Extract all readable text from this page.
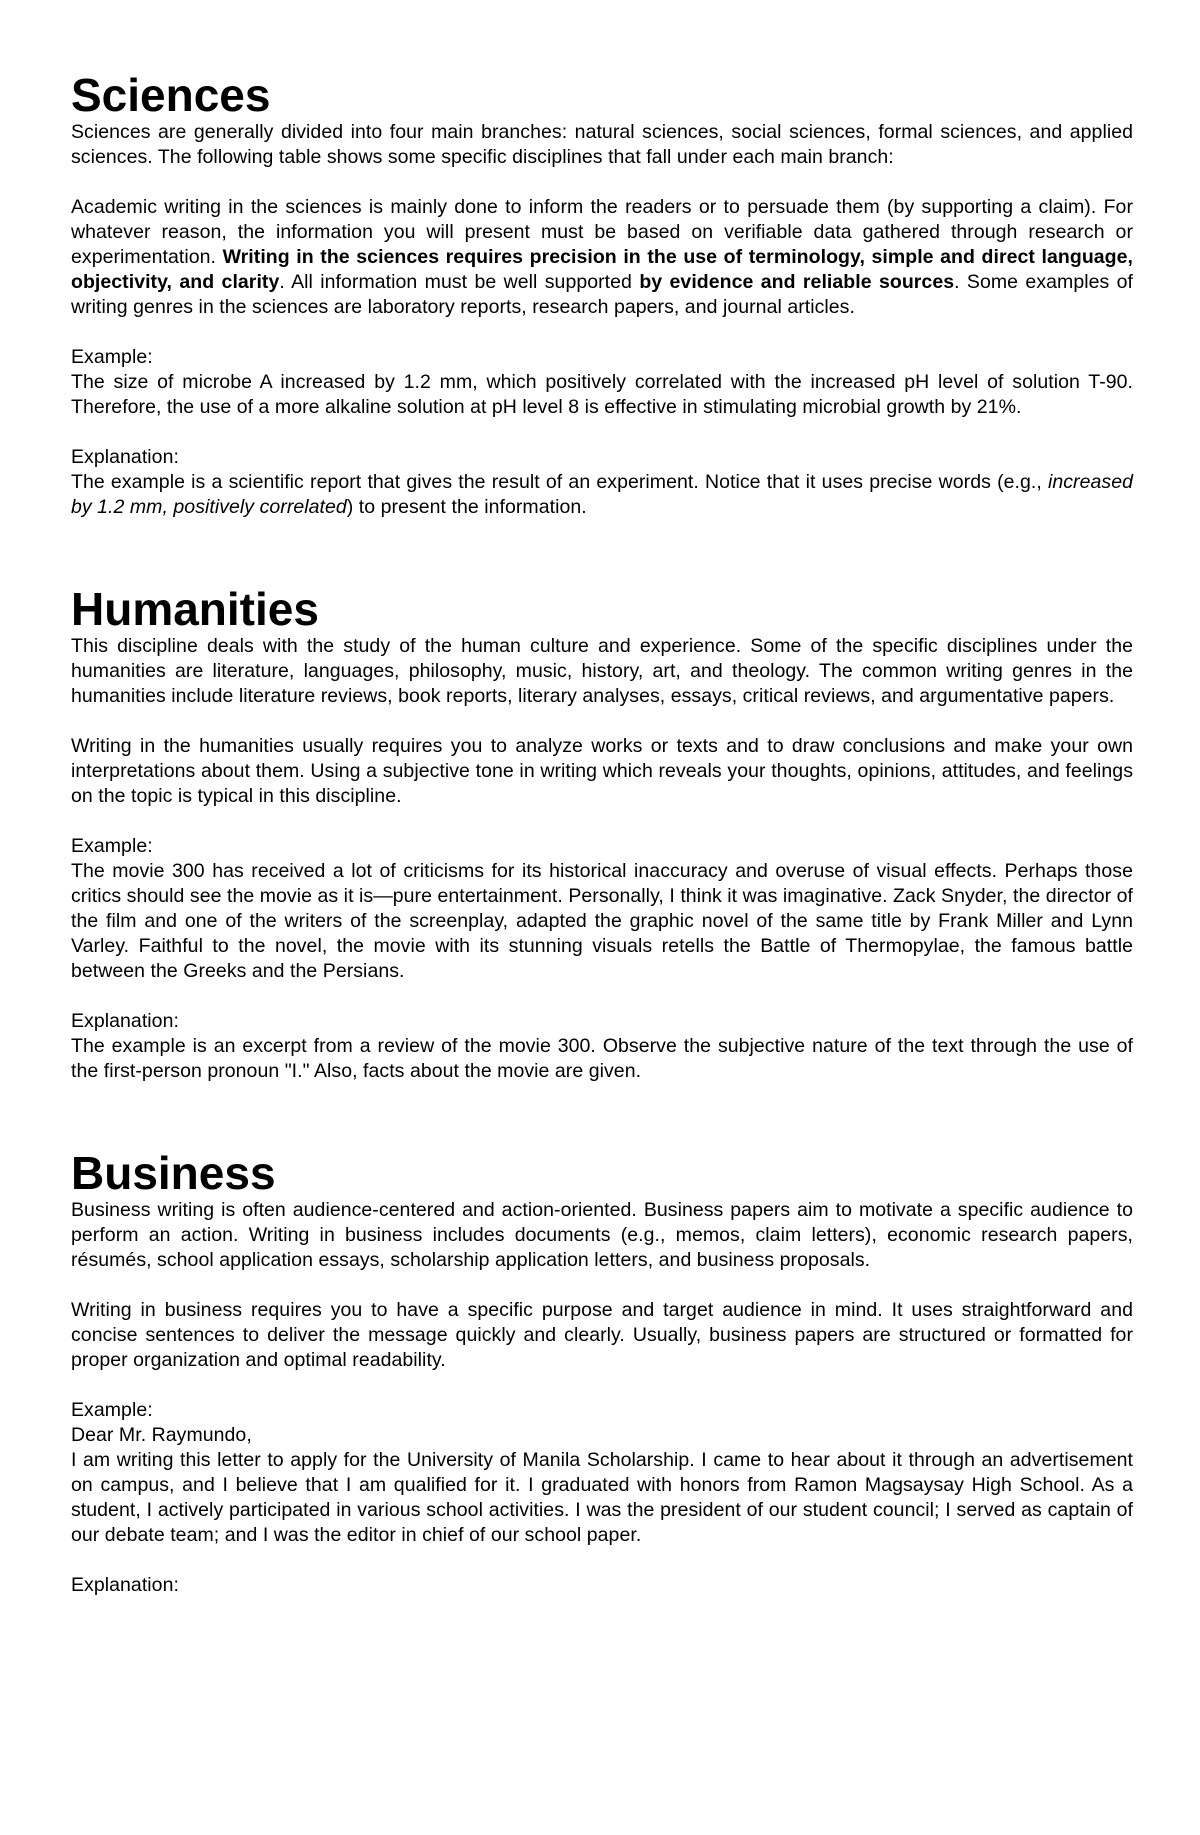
Sciences

Sciences are generally divided into four main branches: natural sciences, social sciences, formal sciences, and applied sciences. The following table shows some specific disciplines that fall under each main branch:

Academic writing in the sciences is mainly done to inform the readers or to persuade them (by supporting a claim). For whatever reason, the information you will present must be based on verifiable data gathered through research or experimentation. Writing in the sciences requires precision in the use of terminology, simple and direct language, objectivity, and clarity. All information must be well supported by evidence and reliable sources. Some examples of writing genres in the sciences are laboratory reports, research papers, and journal articles.

Example:

The size of microbe A increased by 1.2 mm, which positively correlated with the increased pH level of solution T-90. Therefore, the use of a more alkaline solution at pH level 8 is effective in stimulating microbial growth by 21%.

Explanation:

The example is a scientific report that gives the result of an experiment. Notice that it uses precise words (e.g., increased by 1.2 mm, positively correlated) to present the information.

Humanities

This discipline deals with the study of the human culture and experience. Some of the specific disciplines under the humanities are literature, languages, philosophy, music, history, art, and theology. The common writing genres in the humanities include literature reviews, book reports, literary analyses, essays, critical reviews, and argumentative papers.

Writing in the humanities usually requires you to analyze works or texts and to draw conclusions and make your own interpretations about them. Using a subjective tone in writing which reveals your thoughts, opinions, attitudes, and feelings on the topic is typical in this discipline.

Example:

The movie 300 has received a lot of criticisms for its historical inaccuracy and overuse of visual effects. Perhaps those critics should see the movie as it is—pure entertainment. Personally, I think it was imaginative. Zack Snyder, the director of the film and one of the writers of the screenplay, adapted the graphic novel of the same title by Frank Miller and Lynn Varley. Faithful to the novel, the movie with its stunning visuals retells the Battle of Thermopylae, the famous battle between the Greeks and the Persians.

Explanation:

The example is an excerpt from a review of the movie 300. Observe the subjective nature of the text through the use of the first-person pronoun "I." Also, facts about the movie are given.

Business

Business writing is often audience-centered and action-oriented. Business papers aim to motivate a specific audience to perform an action. Writing in business includes documents (e.g., memos, claim letters), economic research papers, résumés, school application essays, scholarship application letters, and business proposals.

Writing in business requires you to have a specific purpose and target audience in mind. It uses straightforward and concise sentences to deliver the message quickly and clearly. Usually, business papers are structured or formatted for proper organization and optimal readability.

Example:

Dear Mr. Raymundo,

I am writing this letter to apply for the University of Manila Scholarship. I came to hear about it through an advertisement on campus, and I believe that I am qualified for it. I graduated with honors from Ramon Magsaysay High School. As a student, I actively participated in various school activities. I was the president of our student council; I served as captain of our debate team; and I was the editor in chief of our school paper.

Explanation:
